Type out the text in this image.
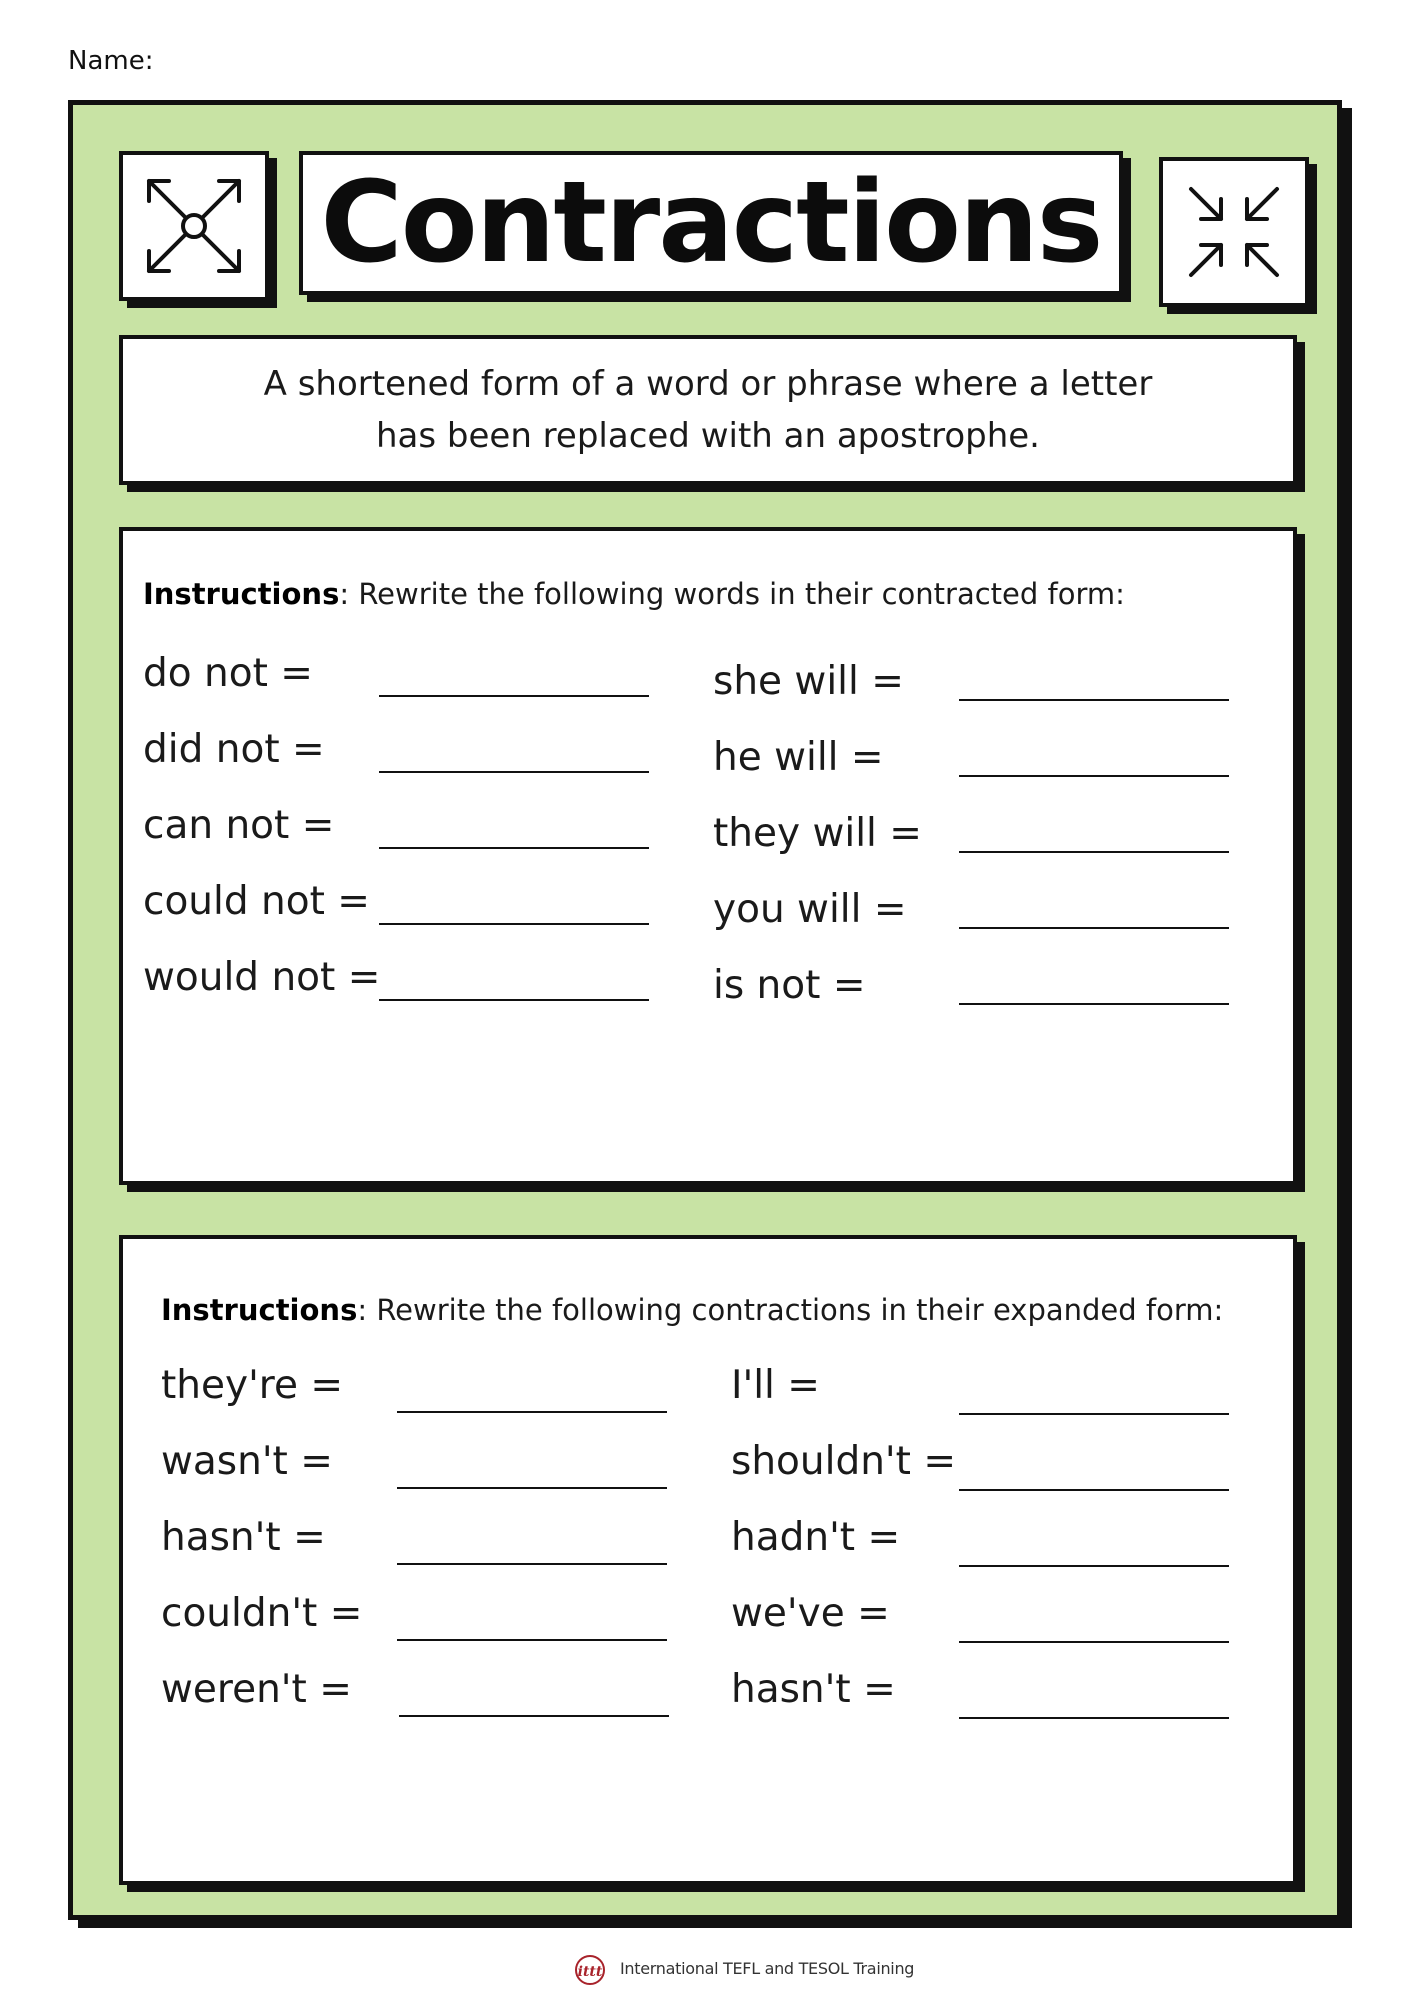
Name:
Contractions
A shortened form of a word or phrase where a letter
has been replaced with an apostrophe.
Instructions: Rewrite the following words in their contracted form:
do not =
did not =
can not =
could not =
would not =
she will =
he will =
they will =
you will =
is not =
Instructions: Rewrite the following contractions in their expanded form:
they're =
wasn't =
hasn't =
couldn't =
weren't =
I'll =
shouldn't =
hadn't =
we've =
hasn't =
ittt International TEFL and TESOL Training
